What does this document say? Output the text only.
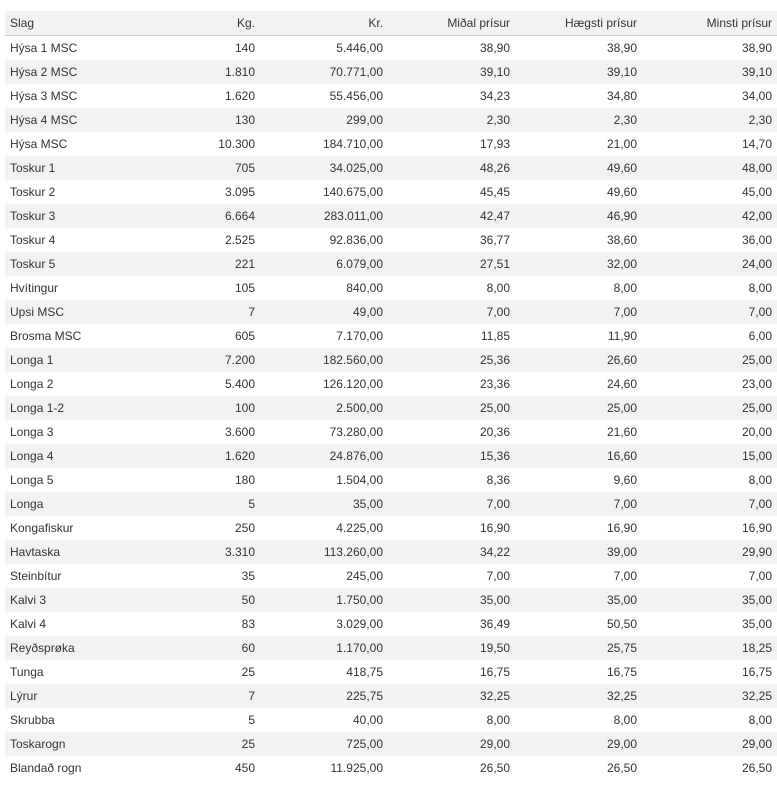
Slag	Kg.	Kr.	Miðal prísur	Hægsti prísur	Minsti prísur
Hýsa 1 MSC	140	5.446,00	38,90	38,90	38,90
Hýsa 2 MSC	1.810	70.771,00	39,10	39,10	39,10
Hýsa 3 MSC	1.620	55.456,00	34,23	34,80	34,00
Hýsa 4 MSC	130	299,00	2,30	2,30	2,30
Hýsa MSC	10.300	184.710,00	17,93	21,00	14,70
Toskur 1	705	34.025,00	48,26	49,60	48,00
Toskur 2	3.095	140.675,00	45,45	49,60	45,00
Toskur 3	6.664	283.011,00	42,47	46,90	42,00
Toskur 4	2.525	92.836,00	36,77	38,60	36,00
Toskur 5	221	6.079,00	27,51	32,00	24,00
Hvítingur	105	840,00	8,00	8,00	8,00
Upsi MSC	7	49,00	7,00	7,00	7,00
Brosma MSC	605	7.170,00	11,85	11,90	6,00
Longa 1	7.200	182.560,00	25,36	26,60	25,00
Longa 2	5.400	126.120,00	23,36	24,60	23,00
Longa 1-2	100	2.500,00	25,00	25,00	25,00
Longa 3	3.600	73.280,00	20,36	21,60	20,00
Longa 4	1.620	24.876,00	15,36	16,60	15,00
Longa 5	180	1.504,00	8,36	9,60	8,00
Longa	5	35,00	7,00	7,00	7,00
Kongafiskur	250	4.225,00	16,90	16,90	16,90
Havtaska	3.310	113.260,00	34,22	39,00	29,90
Steinbítur	35	245,00	7,00	7,00	7,00
Kalvi 3	50	1.750,00	35,00	35,00	35,00
Kalvi 4	83	3.029,00	36,49	50,50	35,00
Reyðsprøka	60	1.170,00	19,50	25,75	18,25
Tunga	25	418,75	16,75	16,75	16,75
Lýrur	7	225,75	32,25	32,25	32,25
Skrubba	5	40,00	8,00	8,00	8,00
Toskarogn	25	725,00	29,00	29,00	29,00
Blandað rogn	450	11.925,00	26,50	26,50	26,50
